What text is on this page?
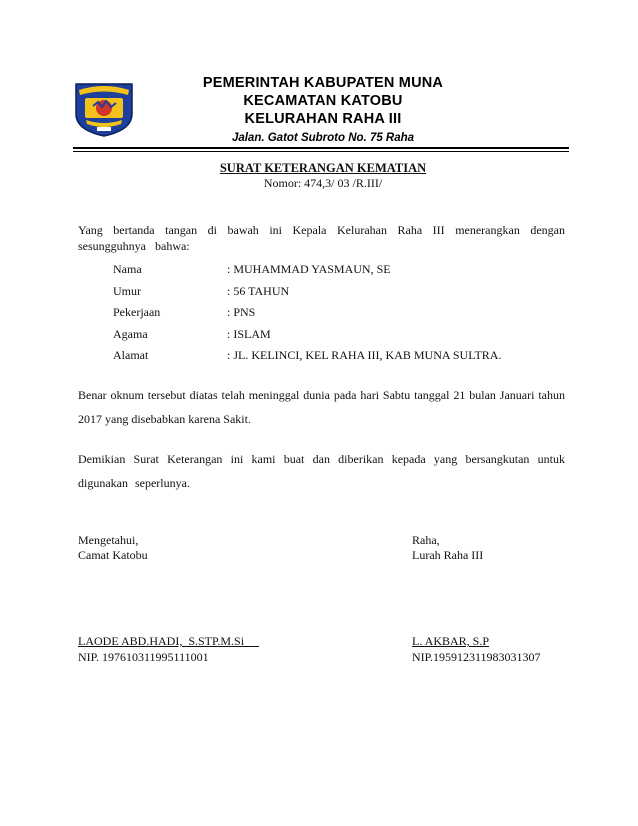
PEMERINTAH KABUPATEN MUNA
KECAMATAN KATOBU
KELURAHAN RAHA III
Jalan. Gatot Subroto No. 75 Raha
SURAT KETERANGAN KEMATIAN
Nomor: 474,3/ 03 /R.III/
Yang bertanda tangan di bawah ini Kepala Kelurahan Raha III menerangkan dengan sesungguhnya bahwa:
Nama	: MUHAMMAD YASMAUN, SE
Umur	: 56 TAHUN
Pekerjaan	: PNS
Agama	: ISLAM
Alamat	: JL. KELINCI, KEL RAHA III, KAB MUNA SULTRA.
Benar oknum tersebut diatas telah meninggal dunia pada hari Sabtu tanggal 21 bulan Januari tahun 2017 yang disebabkan karena Sakit.
Demikian Surat Keterangan ini kami buat dan diberikan kepada yang bersangkutan untuk digunakan seperlunya.
Mengetahui,
Camat Katobu
Raha,
Lurah Raha III
LAODE ABD.HADI,  S.STP.M.Si	L. AKBAR, S.P
NIP. 197610311995111001	NIP.195912311983031307
